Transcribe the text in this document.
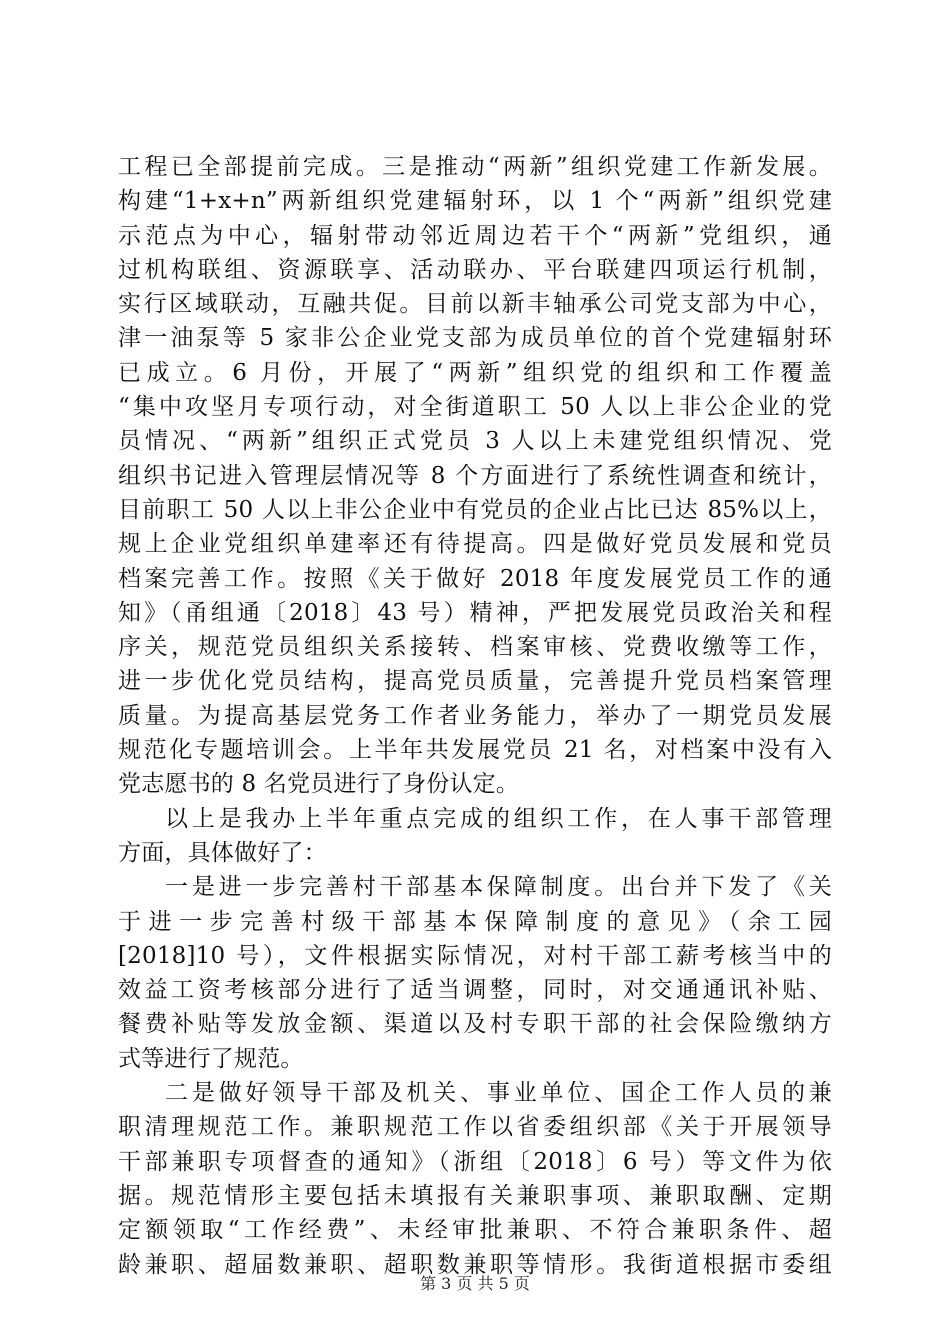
工程已全部提前完成。三是推动“两新”组织党建工作新发展。
构建“1+x+n”两新组织党建辐射环，以 1 个“两新”组织党建
示范点为中心，辐射带动邻近周边若干个“两新”党组织，通
过机构联组、资源联享、活动联办、平台联建四项运行机制，
实行区域联动，互融共促。目前以新丰轴承公司党支部为中心，
津一油泵等 5 家非公企业党支部为成员单位的首个党建辐射环
已成立。6 月份，开展了“两新”组织党的组织和工作覆盖
“集中攻坚月专项行动，对全街道职工 50 人以上非公企业的党
员情况、“两新”组织正式党员 3 人以上未建党组织情况、党
组织书记进入管理层情况等 8 个方面进行了系统性调查和统计，
目前职工 50 人以上非公企业中有党员的企业占比已达 85%以上，
规上企业党组织单建率还有待提高。四是做好党员发展和党员
档案完善工作。按照《关于做好 2018 年度发展党员工作的通
知》（甬组通〔2018〕43 号）精神，严把发展党员政治关和程
序关，规范党员组织关系接转、档案审核、党费收缴等工作，
进一步优化党员结构，提高党员质量，完善提升党员档案管理
质量。为提高基层党务工作者业务能力，举办了一期党员发展
规范化专题培训会。上半年共发展党员 21 名，对档案中没有入
党志愿书的 8 名党员进行了身份认定。
以上是我办上半年重点完成的组织工作，在人事干部管理
方面，具体做好了：
一是进一步完善村干部基本保障制度。出台并下发了《关
于进一步完善村级干部基本保障制度的意见》（余工园
[2018]10 号），文件根据实际情况，对村干部工薪考核当中的
效益工资考核部分进行了适当调整，同时，对交通通讯补贴、
餐费补贴等发放金额、渠道以及村专职干部的社会保险缴纳方
式等进行了规范。
二是做好领导干部及机关、事业单位、国企工作人员的兼
职清理规范工作。兼职规范工作以省委组织部《关于开展领导
干部兼职专项督查的通知》（浙组〔2018〕6 号）等文件为依
据。规范情形主要包括未填报有关兼职事项、兼职取酬、定期
定额领取“工作经费”、未经审批兼职、不符合兼职条件、超
龄兼职、超届数兼职、超职数兼职等情形。我街道根据市委组
第 3 页 共 5 页
